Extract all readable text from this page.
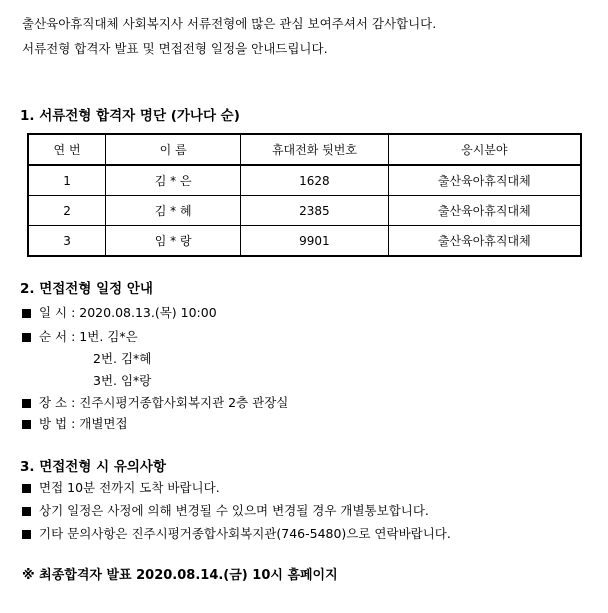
출산육아휴직대체 사회복지사 서류전형에 많은 관심 보여주셔서 감사합니다.
서류전형 합격자 발표 및 면접전형 일정을 안내드립니다.
1. 서류전형 합격자 명단 (가나다 순)
연 번	이 름	휴대전화 뒷번호	응시분야
1	김 * 은	1628	출산육아휴직대체
2	김 * 혜	2385	출산육아휴직대체
3	임 * 랑	9901	출산육아휴직대체
2. 면접전형 일정 안내
일 시 : 2020.08.13.(목) 10:00
순 서 : 1번. 김*은
2번. 김*혜
3번. 임*랑
장 소 : 진주시평거종합사회복지관 2층 관장실
방 법 : 개별면접
3. 면접전형 시 유의사항
면접 10분 전까지 도착 바랍니다.
상기 일정은 사정에 의해 변경될 수 있으며 변경될 경우 개별통보합니다.
기타 문의사항은 진주시평거종합사회복지관(746-5480)으로 연락바랍니다.
※ 최종합격자 발표 2020.08.14.(금) 10시 홈페이지
